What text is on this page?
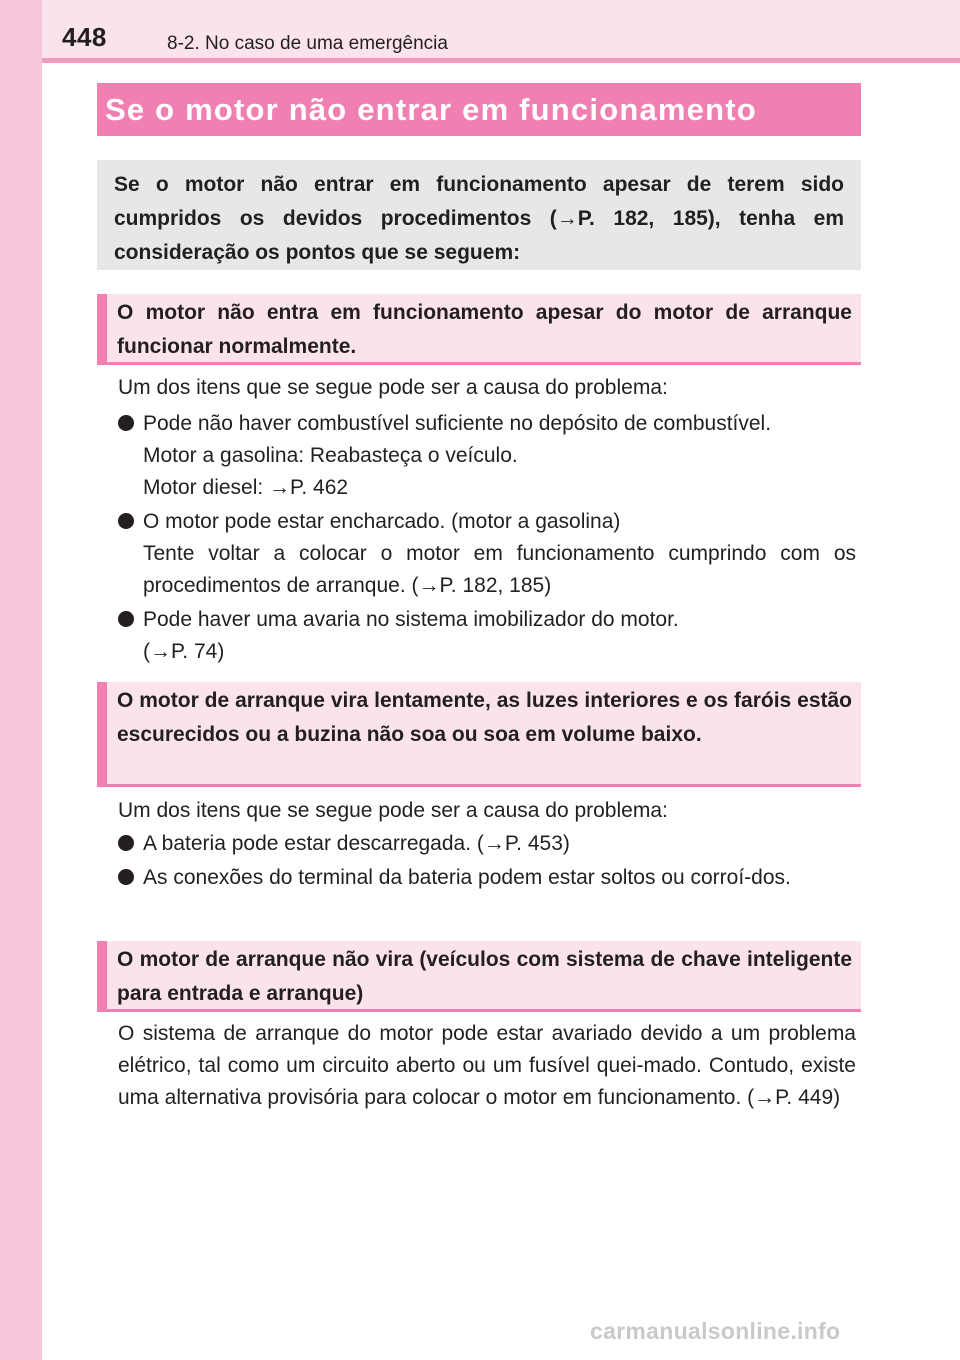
448	8-2. No caso de uma emergência
Se o motor não entrar em funcionamento
Se o motor não entrar em funcionamento apesar de terem sido cumpridos os devidos procedimentos (→P. 182, 185), tenha em consideração os pontos que se seguem:
O motor não entra em funcionamento apesar do motor de arranque funcionar normalmente.
Um dos itens que se segue pode ser a causa do problema:
Pode não haver combustível suficiente no depósito de combustível.
Motor a gasolina: Reabasteça o veículo.
Motor diesel: →P. 462
O motor pode estar encharcado. (motor a gasolina)
Tente voltar a colocar o motor em funcionamento cumprindo com os procedimentos de arranque. (→P. 182, 185)
Pode haver uma avaria no sistema imobilizador do motor.
(→P. 74)
O motor de arranque vira lentamente, as luzes interiores e os faróis estão escurecidos ou a buzina não soa ou soa em volume baixo.
Um dos itens que se segue pode ser a causa do problema:
A bateria pode estar descarregada. (→P. 453)
As conexões do terminal da bateria podem estar soltos ou corroí-dos.
O motor de arranque não vira (veículos com sistema de chave inteligente para entrada e arranque)
O sistema de arranque do motor pode estar avariado devido a um problema elétrico, tal como um circuito aberto ou um fusível quei-mado. Contudo, existe uma alternativa provisória para colocar o motor em funcionamento. (→P. 449)
carmanualsonline.info
